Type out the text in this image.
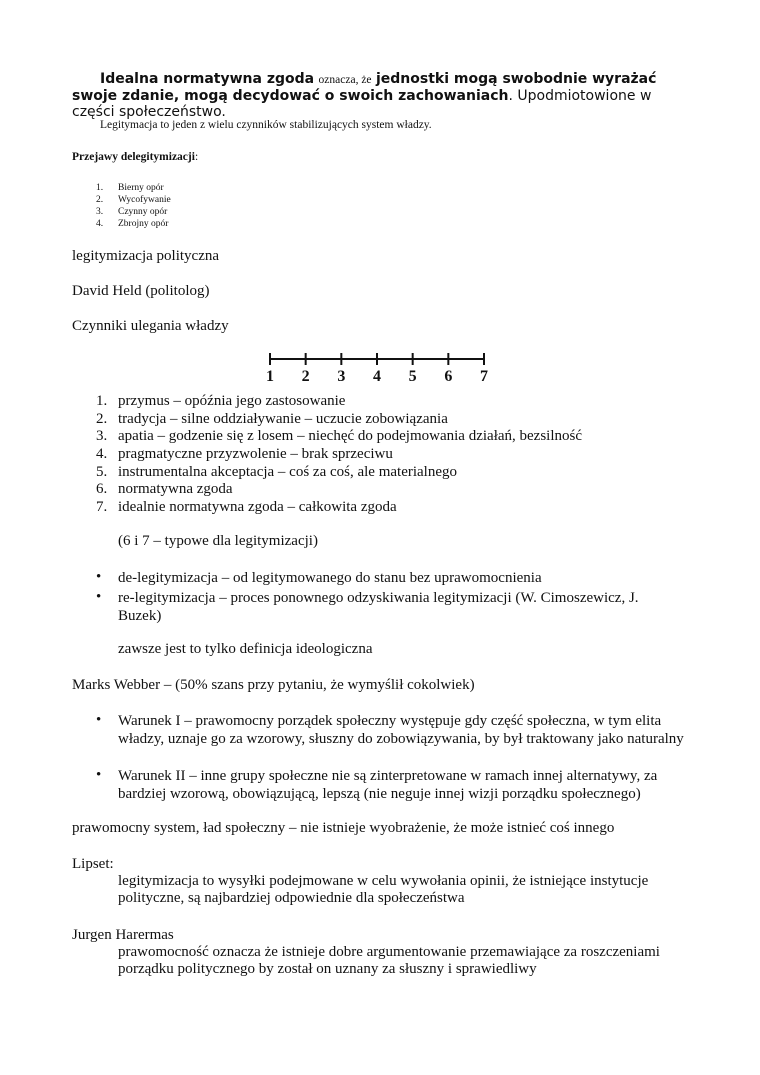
Idealna normatywna zgoda oznacza, że jednostki mogą swobodnie wyrażać swoje zdanie, mogą decydować o swoich zachowaniach. Upodmiotowione w części społeczeństwo.
Legitymacja to jeden z wielu czynników stabilizujących system władzy.
Przejawy delegitymizacji:
1. Bierny opór
2. Wycofywanie
3. Czynny opór
4. Zbrojny opór
legitymizacja polityczna
David Held (politolog)
Czynniki ulegania władzy
1 2 3 4 5 6 7
1. przymus – opóźnia jego zastosowanie
2. tradycja – silne oddziaływanie – uczucie zobowiązania
3. apatia – godzenie się z losem – niechęć do podejmowania działań, bezsilność
4. pragmatyczne przyzwolenie – brak sprzeciwu
5. instrumentalna akceptacja – coś za coś, ale materialnego
6. normatywna zgoda
7. idealnie normatywna zgoda – całkowita zgoda
(6 i 7 – typowe dla legitymizacji)
• de-legitymizacja – od legitymowanego do stanu bez uprawomocnienia
• re-legitymizacja – proces ponownego odzyskiwania legitymizacji (W. Cimoszewicz, J. Buzek)
zawsze jest to tylko definicja ideologiczna
Marks Webber – (50% szans przy pytaniu, że wymyślił cokolwiek)
• Warunek I – prawomocny porządek społeczny występuje gdy część społeczna, w tym elita władzy, uznaje go za wzorowy, słuszny do zobowiązywania, by był traktowany jako naturalny
• Warunek II – inne grupy społeczne nie są zinterpretowane w ramach innej alternatywy, za bardziej wzorową, obowiązującą, lepszą (nie neguje innej wizji porządku społecznego)
prawomocny system, ład społeczny – nie istnieje wyobrażenie, że może istnieć coś innego
Lipset:
legitymizacja to wysyłki podejmowane w celu wywołania opinii, że istniejące instytucje polityczne, są najbardziej odpowiednie dla społeczeństwa
Jurgen Harermas
prawomocność oznacza że istnieje dobre argumentowanie przemawiające za roszczeniami porządku politycznego by został on uznany za słuszny i sprawiedliwy
